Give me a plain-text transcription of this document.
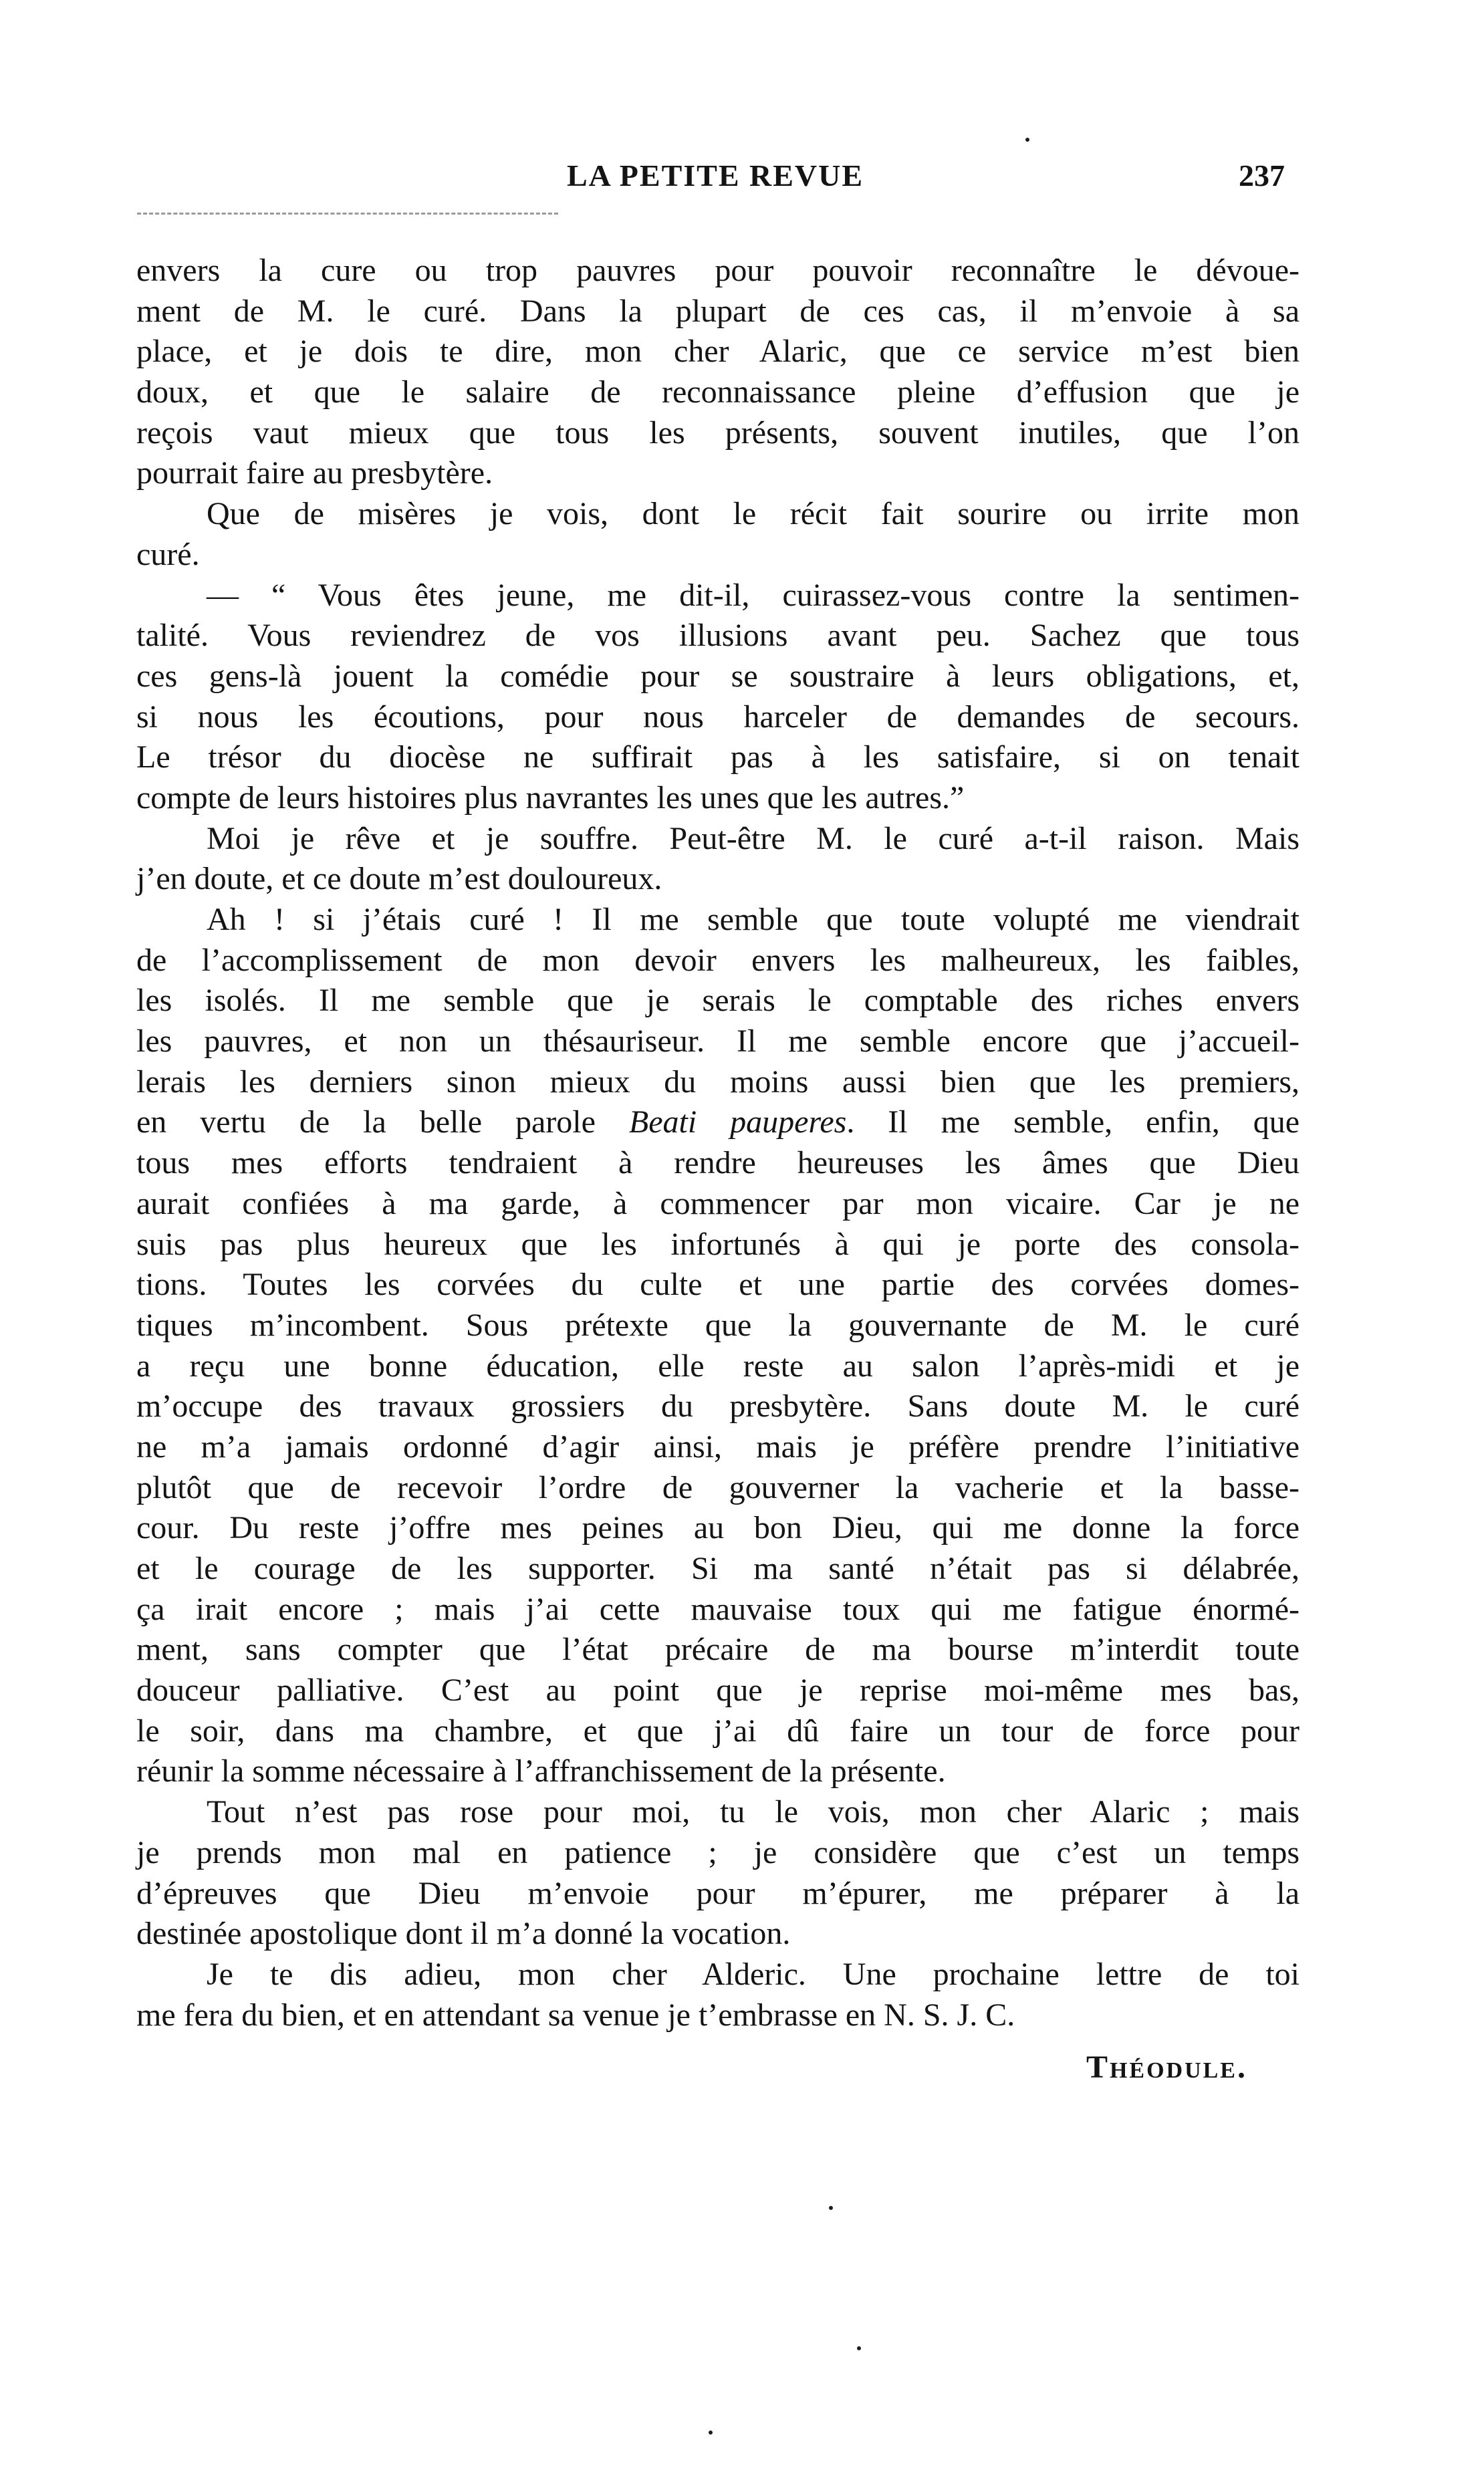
LA PETITE REVUE	237
envers la cure ou trop pauvres pour pouvoir reconnaître le dévoue-
ment de M. le curé. Dans la plupart de ces cas, il m’envoie à sa
place, et je dois te dire, mon cher Alaric, que ce service m’est bien
doux, et que le salaire de reconnaissance pleine d’effusion que je
reçois vaut mieux que tous les présents, souvent inutiles, que l’on
pourrait faire au presbytère.
Que de misères je vois, dont le récit fait sourire ou irrite mon
curé.
— “ Vous êtes jeune, me dit-il, cuirassez-vous contre la sentimen-
talité. Vous reviendrez de vos illusions avant peu. Sachez que tous
ces gens-là jouent la comédie pour se soustraire à leurs obligations, et,
si nous les écoutions, pour nous harceler de demandes de secours.
Le trésor du diocèse ne suffirait pas à les satisfaire, si on tenait
compte de leurs histoires plus navrantes les unes que les autres.”
Moi je rêve et je souffre. Peut-être M. le curé a-t-il raison. Mais
j’en doute, et ce doute m’est douloureux.
Ah ! si j’étais curé ! Il me semble que toute volupté me viendrait
de l’accomplissement de mon devoir envers les malheureux, les faibles,
les isolés. Il me semble que je serais le comptable des riches envers
les pauvres, et non un thésauriseur. Il me semble encore que j’accueil-
lerais les derniers sinon mieux du moins aussi bien que les premiers,
en vertu de la belle parole Beati pauperes. Il me semble, enfin, que
tous mes efforts tendraient à rendre heureuses les âmes que Dieu
aurait confiées à ma garde, à commencer par mon vicaire. Car je ne
suis pas plus heureux que les infortunés à qui je porte des consola-
tions. Toutes les corvées du culte et une partie des corvées domes-
tiques m’incombent. Sous prétexte que la gouvernante de M. le curé
a reçu une bonne éducation, elle reste au salon l’après-midi et je
m’occupe des travaux grossiers du presbytère. Sans doute M. le curé
ne m’a jamais ordonné d’agir ainsi, mais je préfère prendre l’initiative
plutôt que de recevoir l’ordre de gouverner la vacherie et la basse-
cour. Du reste j’offre mes peines au bon Dieu, qui me donne la force
et le courage de les supporter. Si ma santé n’était pas si délabrée,
ça irait encore ; mais j’ai cette mauvaise toux qui me fatigue énormé-
ment, sans compter que l’état précaire de ma bourse m’interdit toute
douceur palliative. C’est au point que je reprise moi-même mes bas,
le soir, dans ma chambre, et que j’ai dû faire un tour de force pour
réunir la somme nécessaire à l’affranchissement de la présente.
Tout n’est pas rose pour moi, tu le vois, mon cher Alaric ; mais
je prends mon mal en patience ; je considère que c’est un temps
d’épreuves que Dieu m’envoie pour m’épurer, me préparer à la
destinée apostolique dont il m’a donné la vocation.
Je te dis adieu, mon cher Alderic. Une prochaine lettre de toi
me fera du bien, et en attendant sa venue je t’embrasse en N. S. J. C.
Théodule.
